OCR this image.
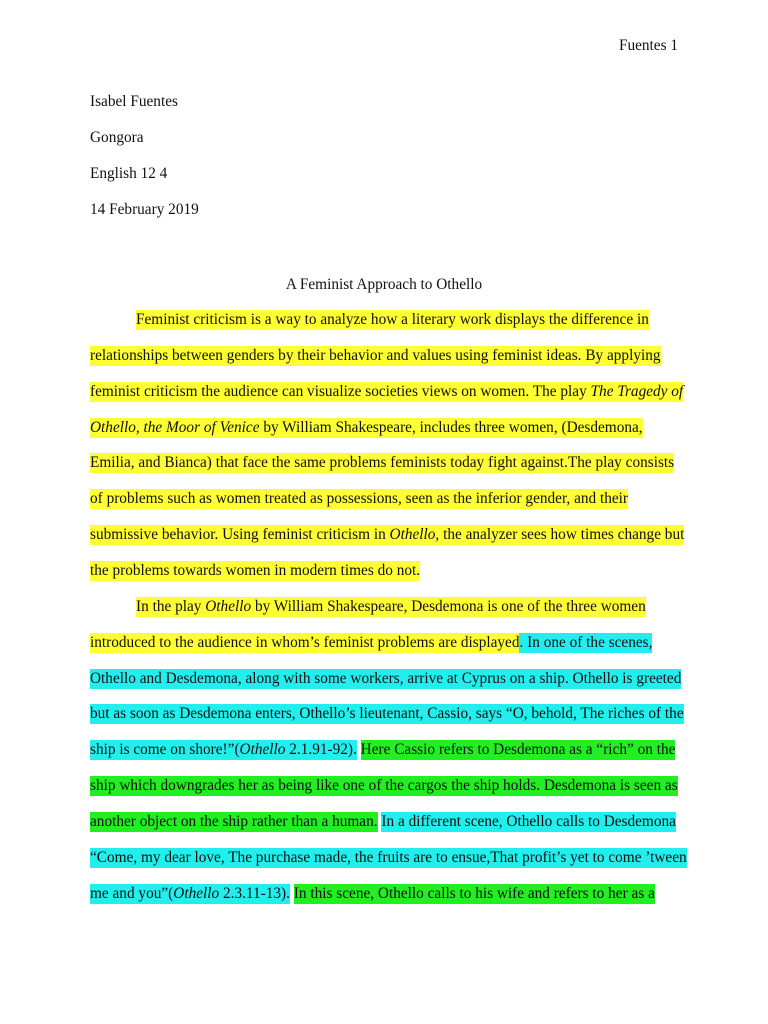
Fuentes 1
Isabel Fuentes
Gongora
English 12 4
14 February 2019
A Feminist Approach to Othello
Feminist criticism is a way to analyze how a literary work displays the difference in
relationships between genders by their behavior and values using feminist ideas. By applying
feminist criticism the audience can visualize societies views on women. The play The Tragedy of
Othello, the Moor of Venice by William Shakespeare, includes three women, (Desdemona,
Emilia, and Bianca) that face the same problems feminists today fight against.The play consists
of problems such as women treated as possessions, seen as the inferior gender, and their
submissive behavior. Using feminist criticism in Othello, the analyzer sees how times change but
the problems towards women in modern times do not.
In the play Othello by William Shakespeare, Desdemona is one of the three women
introduced to the audience in whom’s feminist problems are displayed. In one of the scenes,
Othello and Desdemona, along with some workers, arrive at Cyprus on a ship. Othello is greeted
but as soon as Desdemona enters, Othello’s lieutenant, Cassio, says “O, behold, The riches of the
ship is come on shore!”(Othello 2.1.91-92). Here Cassio refers to Desdemona as a “rich” on the
ship which downgrades her as being like one of the cargos the ship holds. Desdemona is seen as
another object on the ship rather than a human. In a different scene, Othello calls to Desdemona
“Come, my dear love, The purchase made, the fruits are to ensue,That profit’s yet to come ’tween
me and you”(Othello 2.3.11-13). In this scene, Othello calls to his wife and refers to her as a
